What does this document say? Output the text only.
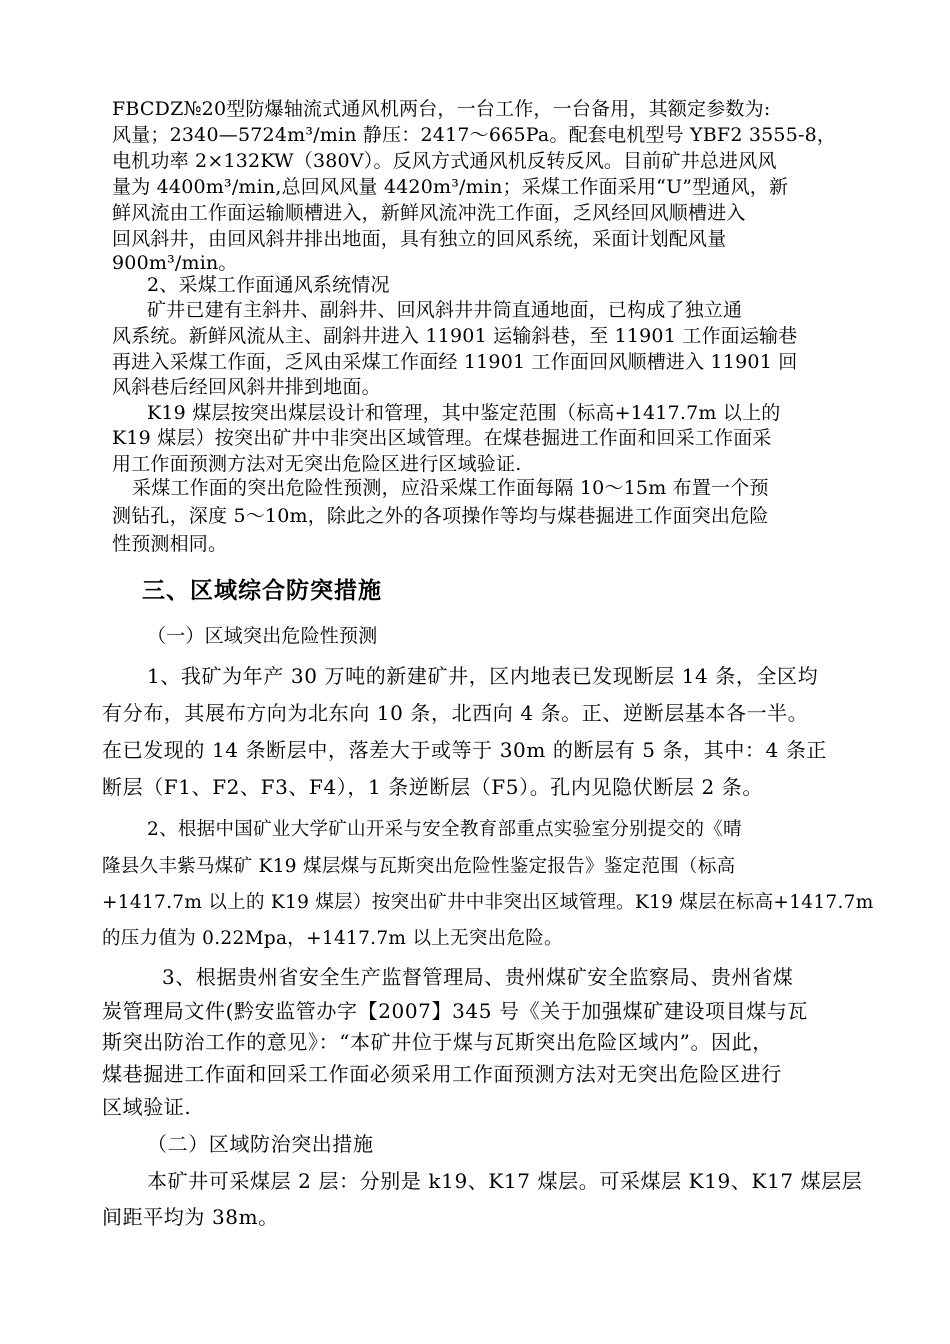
FBCDZ№20型防爆轴流式通风机两台，一台工作，一台备用，其额定参数为:
风量；2340—5724m³/min 静压：2417～665Pa。配套电机型号 YBF2 3555-8，
电机功率 2×132KW（380V）。反风方式通风机反转反风。目前矿井总进风风
量为 4400m³/min,总回风风量 4420m³/min；采煤工作面采用“U”型通风，新
鲜风流由工作面运输顺槽进入，新鲜风流冲洗工作面，乏风经回风顺槽进入
回风斜井，由回风斜井排出地面，具有独立的回风系统，采面计划配风量
900m³/min。
2、采煤工作面通风系统情况
矿井已建有主斜井、副斜井、回风斜井井筒直通地面，已构成了独立通
风系统。新鲜风流从主、副斜井进入 11901 运输斜巷，至 11901 工作面运输巷
再进入采煤工作面，乏风由采煤工作面经 11901 工作面回风顺槽进入 11901 回
风斜巷后经回风斜井排到地面。
K19 煤层按突出煤层设计和管理，其中鉴定范围（标高+1417.7m 以上的
K19 煤层）按突出矿井中非突出区域管理。在煤巷掘进工作面和回采工作面采
用工作面预测方法对无突出危险区进行区域验证.
采煤工作面的突出危险性预测，应沿采煤工作面每隔 10～15m 布置一个预
测钻孔，深度 5～10m，除此之外的各项操作等均与煤巷掘进工作面突出危险
性预测相同。
三、区域综合防突措施
（一）区域突出危险性预测
1、我矿为年产 30 万吨的新建矿井，区内地表已发现断层 14 条，全区均
有分布，其展布方向为北东向 10 条，北西向 4 条。正、逆断层基本各一半。
在已发现的 14 条断层中，落差大于或等于 30m 的断层有 5 条，其中：4 条正
断层（F1、F2、F3、F4），1 条逆断层（F5）。孔内见隐伏断层 2 条。
2、根据中国矿业大学矿山开采与安全教育部重点实验室分别提交的《晴
隆县久丰紫马煤矿 K19 煤层煤与瓦斯突出危险性鉴定报告》鉴定范围（标高
+1417.7m 以上的 K19 煤层）按突出矿井中非突出区域管理。K19 煤层在标高+1417.7m
的压力值为 0.22Mpa，+1417.7m 以上无突出危险。
3、根据贵州省安全生产监督管理局、贵州煤矿安全监察局、贵州省煤
炭管理局文件(黔安监管办字【2007】345 号《关于加强煤矿建设项目煤与瓦
斯突出防治工作的意见》：“本矿井位于煤与瓦斯突出危险区域内”。因此，
煤巷掘进工作面和回采工作面必须采用工作面预测方法对无突出危险区进行
区域验证.
（二）区域防治突出措施
本矿井可采煤层 2 层：分别是 k19、K17 煤层。可采煤层 K19、K17 煤层层
间距平均为 38m。
